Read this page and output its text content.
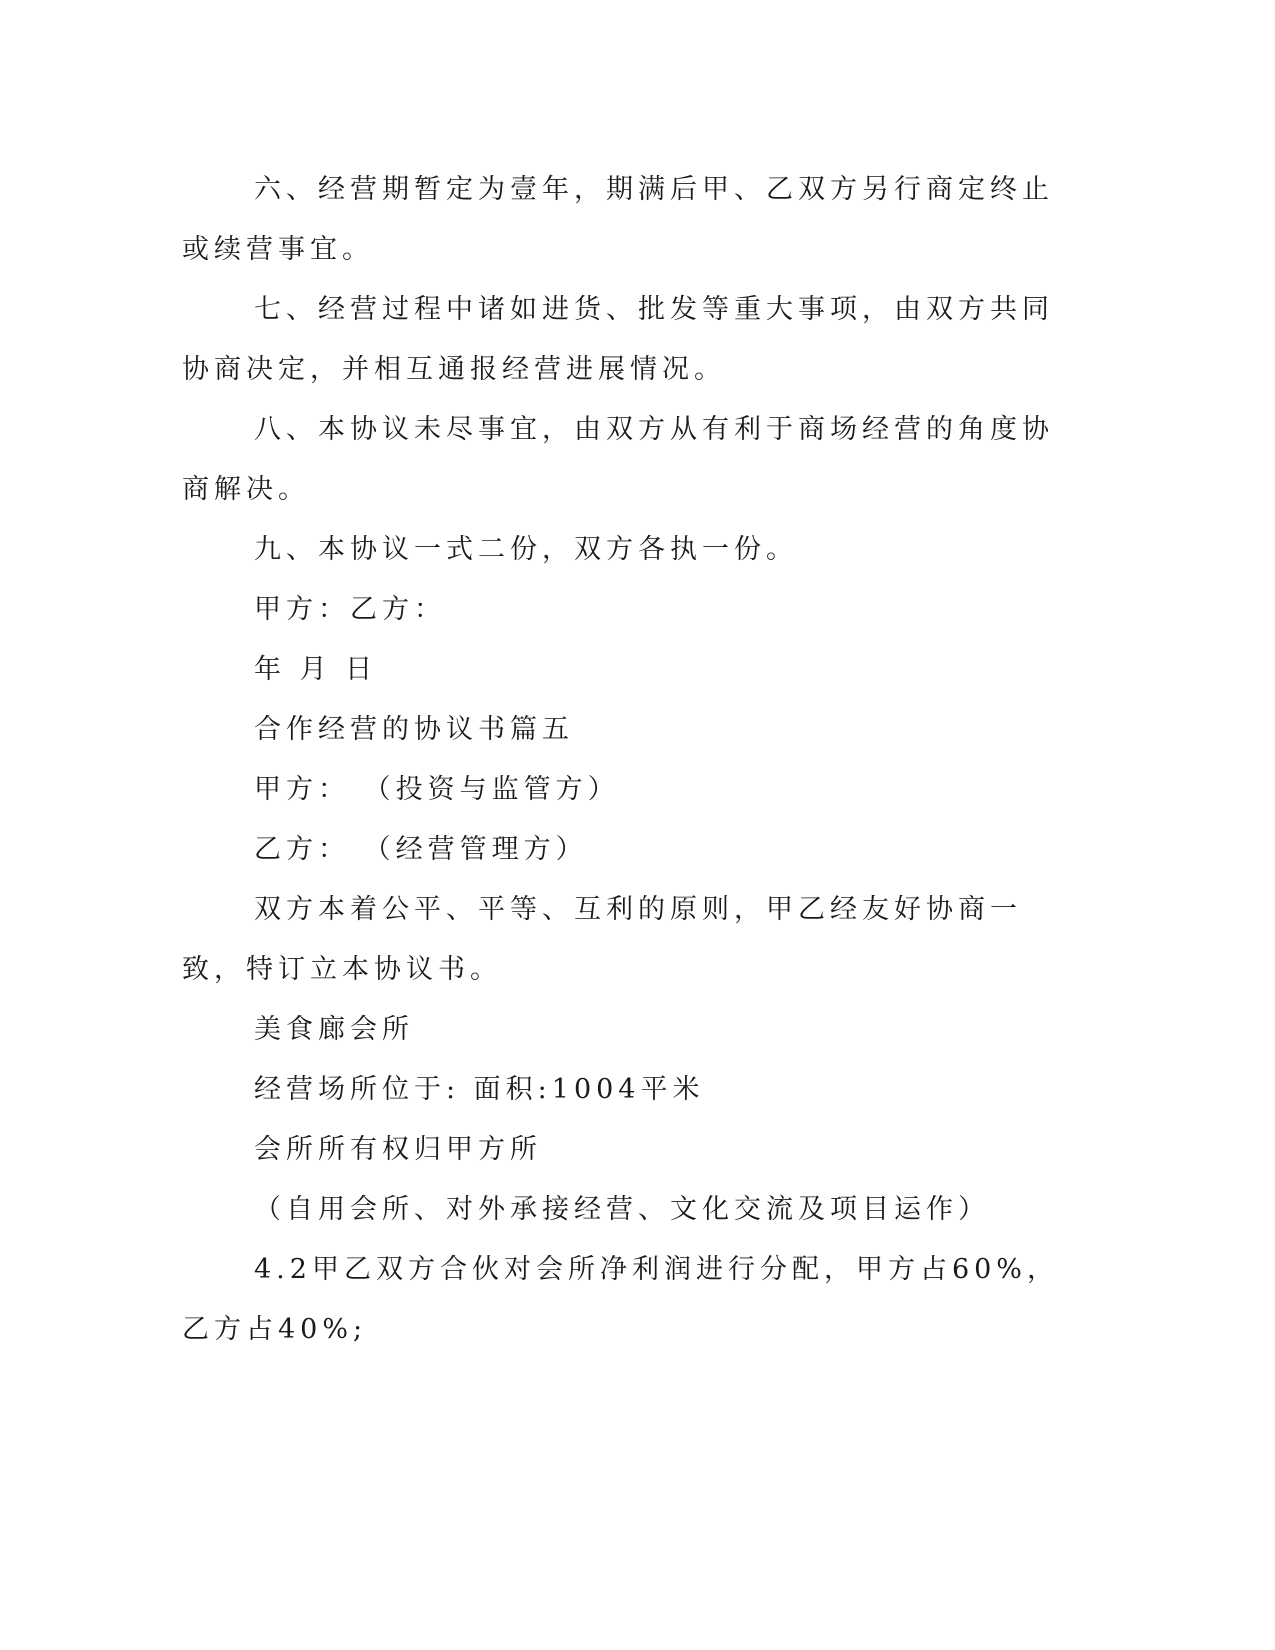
六、经营期暂定为壹年，期满后甲、乙双方另行商定终止或续营事宜。

七、经营过程中诸如进货、批发等重大事项，由双方共同协商决定，并相互通报经营进展情况。

八、本协议未尽事宜，由双方从有利于商场经营的角度协商解决。

九、本协议一式二份，双方各执一份。

甲方：乙方：

年 月 日

合作经营的协议书篇五

甲方： （投资与监管方）

乙方： （经营管理方）

双方本着公平、平等、互利的原则，甲乙经友好协商一致，特订立本协议书。

美食廊会所

经营场所位于: 面积:1004平米

会所所有权归甲方所

（自用会所、对外承接经营、文化交流及项目运作）

4.2甲乙双方合伙对会所净利润进行分配，甲方占60%，乙方占40%;
